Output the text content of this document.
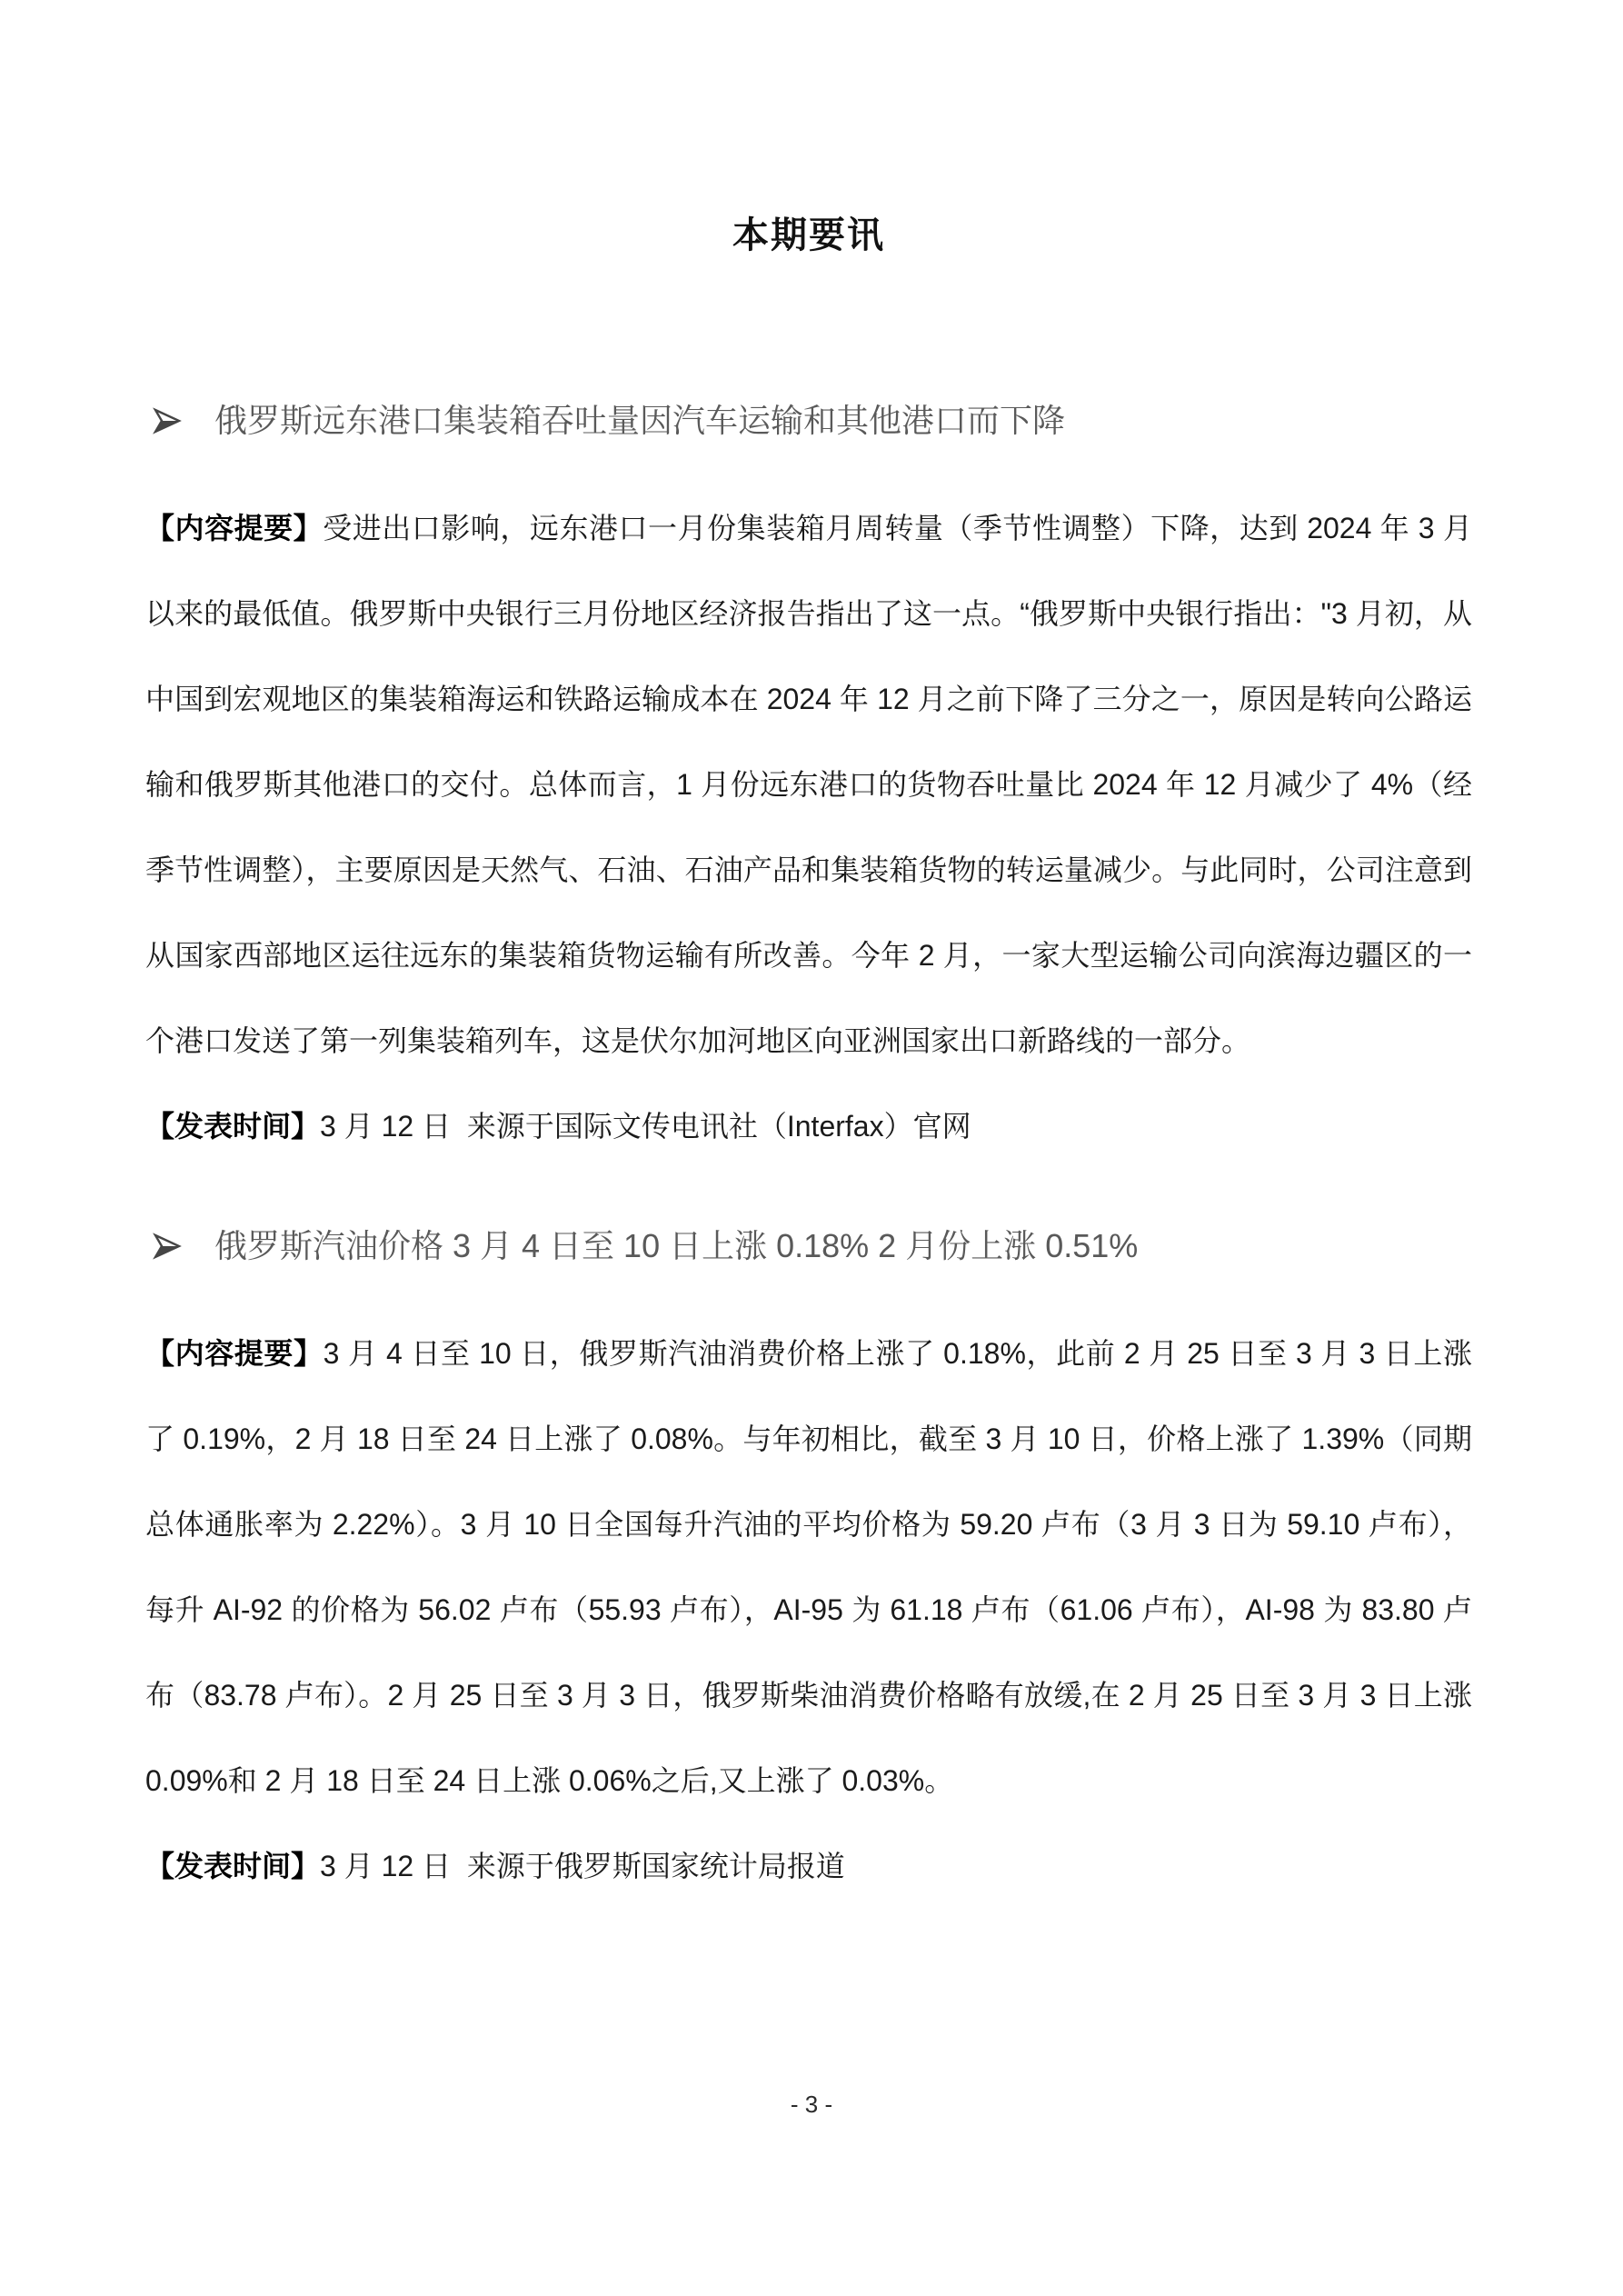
本期要讯
俄罗斯远东港口集装箱吞吐量因汽车运输和其他港口而下降

【内容提要】受进出口影响，远东港口一月份集装箱月周转量（季节性调整）下降，达到 2024 年 3 月以来的最低值。俄罗斯中央银行三月份地区经济报告指出了这一点。“俄罗斯中央银行指出："3 月初，从中国到宏观地区的集装箱海运和铁路运输成本在 2024 年 12 月之前下降了三分之一，原因是转向公路运输和俄罗斯其他港口的交付。总体而言，1 月份远东港口的货物吞吐量比 2024 年 12 月减少了 4%（经季节性调整），主要原因是天然气、石油、石油产品和集装箱货物的转运量减少。与此同时，公司注意到从国家西部地区运往远东的集装箱货物运输有所改善。今年 2 月，一家大型运输公司向滨海边疆区的一个港口发送了第一列集装箱列车，这是伏尔加河地区向亚洲国家出口新路线的一部分。

【发表时间】3 月 12 日  来源于国际文传电讯社（Interfax）官网

俄罗斯汽油价格 3 月 4 日至 10 日上涨 0.18% 2 月份上涨 0.51%

【内容提要】3 月 4 日至 10 日，俄罗斯汽油消费价格上涨了 0.18%，此前 2 月 25 日至 3 月 3 日上涨了 0.19%，2 月 18 日至 24 日上涨了 0.08%。与年初相比，截至 3 月 10 日，价格上涨了 1.39%（同期总体通胀率为 2.22%）。3 月 10 日全国每升汽油的平均价格为 59.20 卢布（3 月 3 日为 59.10 卢布），每升 AI-92 的价格为 56.02 卢布（55.93 卢布），AI-95 为 61.18 卢布（61.06 卢布），AI-98 为 83.80 卢布（83.78 卢布）。2 月 25 日至 3 月 3 日，俄罗斯柴油消费价格略有放缓,在 2 月 25 日至 3 月 3 日上涨 0.09%和 2 月 18 日至 24 日上涨 0.06%之后,又上涨了 0.03%。

【发表时间】3 月 12 日  来源于俄罗斯国家统计局报道

- 3 -
